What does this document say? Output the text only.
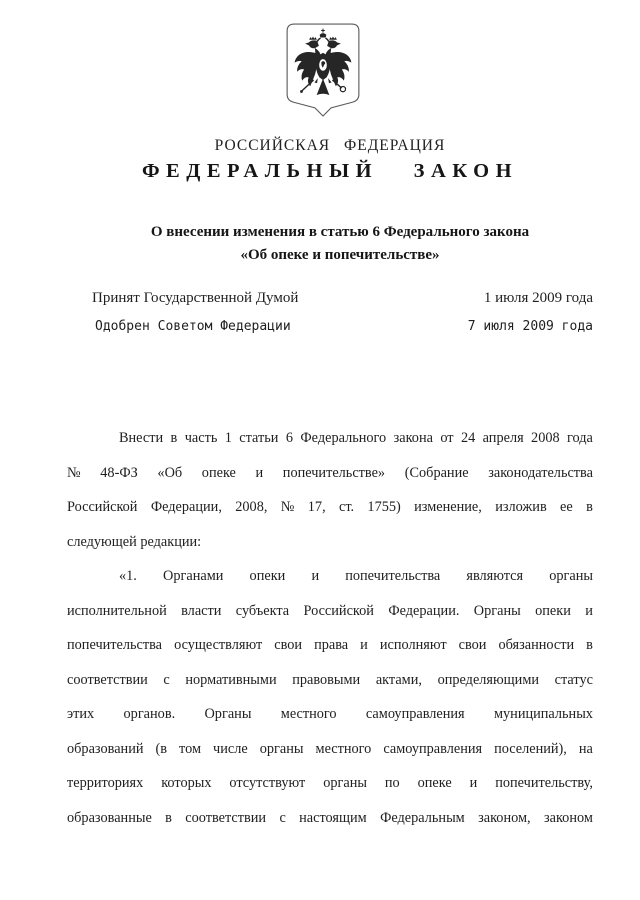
РОССИЙСКАЯ ФЕДЕРАЦИЯ
ФЕДЕРАЛЬНЫЙ ЗАКОН
О внесении изменения в статью 6 Федерального закона
«Об опеке и попечительстве»
Принят Государственной Думой	1 июля 2009 года
Одобрен Советом Федерации	7 июля 2009 года
Внести в часть 1 статьи 6 Федерального закона от 24 апреля 2008 года
№ 48-ФЗ «Об опеке и попечительстве» (Собрание законодательства
Российской Федерации, 2008, № 17, ст. 1755) изменение, изложив ее в
следующей редакции:
«1. Органами опеки и попечительства являются органы
исполнительной власти субъекта Российской Федерации. Органы опеки и
попечительства осуществляют свои права и исполняют свои обязанности в
соответствии с нормативными правовыми актами, определяющими статус
этих органов. Органы местного самоуправления муниципальных
образований (в том числе органы местного самоуправления поселений), на
территориях которых отсутствуют органы по опеке и попечительству,
образованные в соответствии с настоящим Федеральным законом, законом
